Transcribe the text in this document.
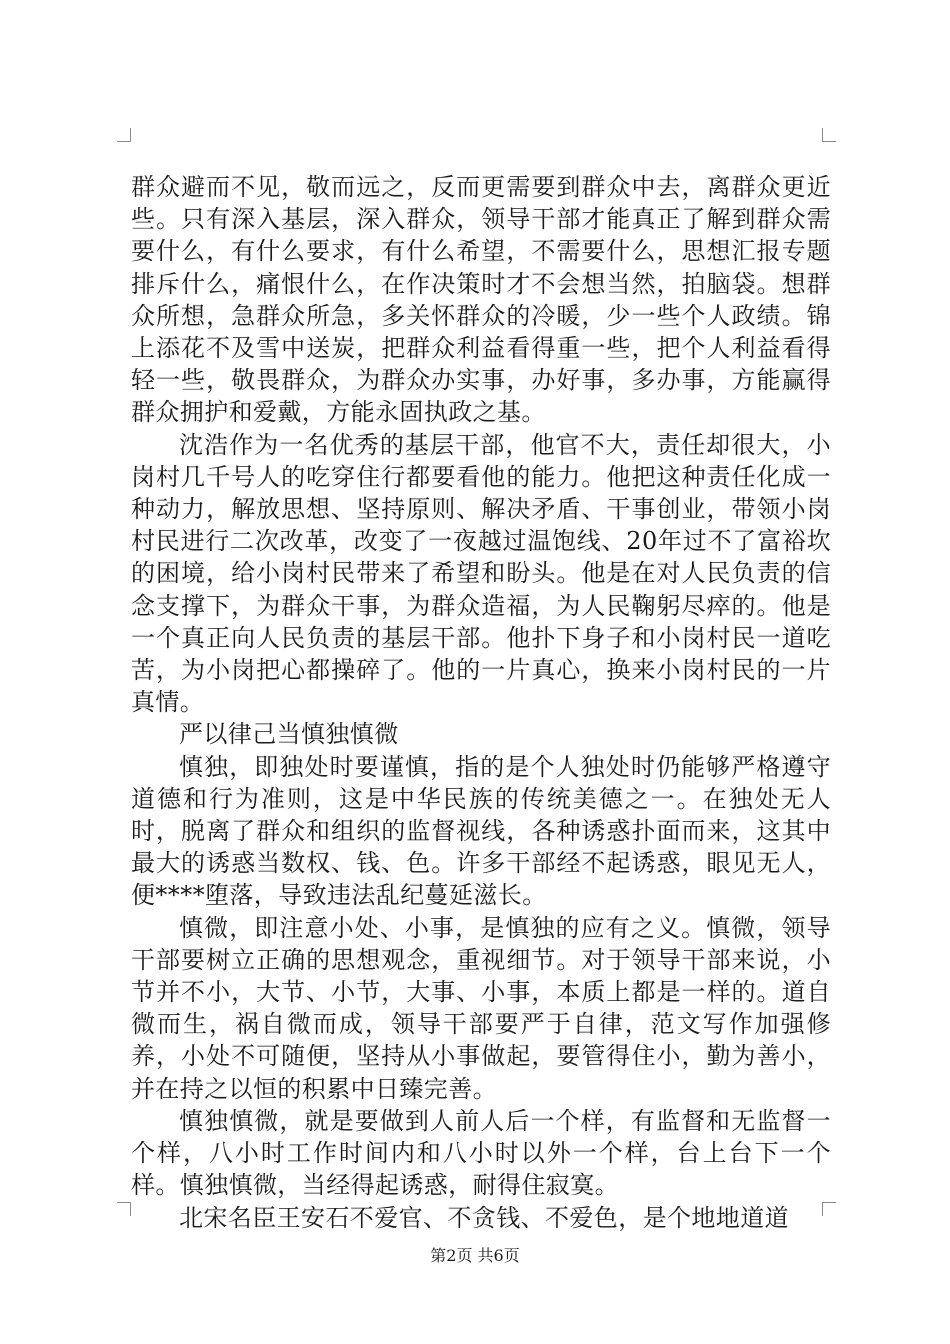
群众避而不见，敬而远之，反而更需要到群众中去，离群众更近些。只有深入基层，深入群众，领导干部才能真正了解到群众需要什么，有什么要求，有什么希望，不需要什么，思想汇报专题排斥什么，痛恨什么，在作决策时才不会想当然，拍脑袋。想群众所想，急群众所急，多关怀群众的冷暖，少一些个人政绩。锦上添花不及雪中送炭，把群众利益看得重一些，把个人利益看得轻一些，敬畏群众，为群众办实事，办好事，多办事，方能赢得群众拥护和爱戴，方能永固执政之基。

沈浩作为一名优秀的基层干部，他官不大，责任却很大，小岗村几千号人的吃穿住行都要看他的能力。他把这种责任化成一种动力，解放思想、坚持原则、解决矛盾、干事创业，带领小岗村民进行二次改革，改变了一夜越过温饱线、20年过不了富裕坎的困境，给小岗村民带来了希望和盼头。他是在对人民负责的信念支撑下，为群众干事，为群众造福，为人民鞠躬尽瘁的。他是一个真正向人民负责的基层干部。他扑下身子和小岗村民一道吃苦，为小岗把心都操碎了。他的一片真心，换来小岗村民的一片真情。

严以律己当慎独慎微

慎独，即独处时要谨慎，指的是个人独处时仍能够严格遵守道德和行为准则，这是中华民族的传统美德之一。在独处无人时，脱离了群众和组织的监督视线，各种诱惑扑面而来，这其中最大的诱惑当数权、钱、色。许多干部经不起诱惑，眼见无人，便****堕落，导致违法乱纪蔓延滋长。

慎微，即注意小处、小事，是慎独的应有之义。慎微，领导干部要树立正确的思想观念，重视细节。对于领导干部来说，小节并不小，大节、小节，大事、小事，本质上都是一样的。道自微而生，祸自微而成，领导干部要严于自律，范文写作加强修养，小处不可随便，坚持从小事做起，要管得住小，勤为善小，并在持之以恒的积累中日臻完善。

慎独慎微，就是要做到人前人后一个样，有监督和无监督一个样，八小时工作时间内和八小时以外一个样，台上台下一个样。慎独慎微，当经得起诱惑，耐得住寂寞。

北宋名臣王安石不爱官、不贪钱、不爱色，是个地地道道

第2页 共6页
